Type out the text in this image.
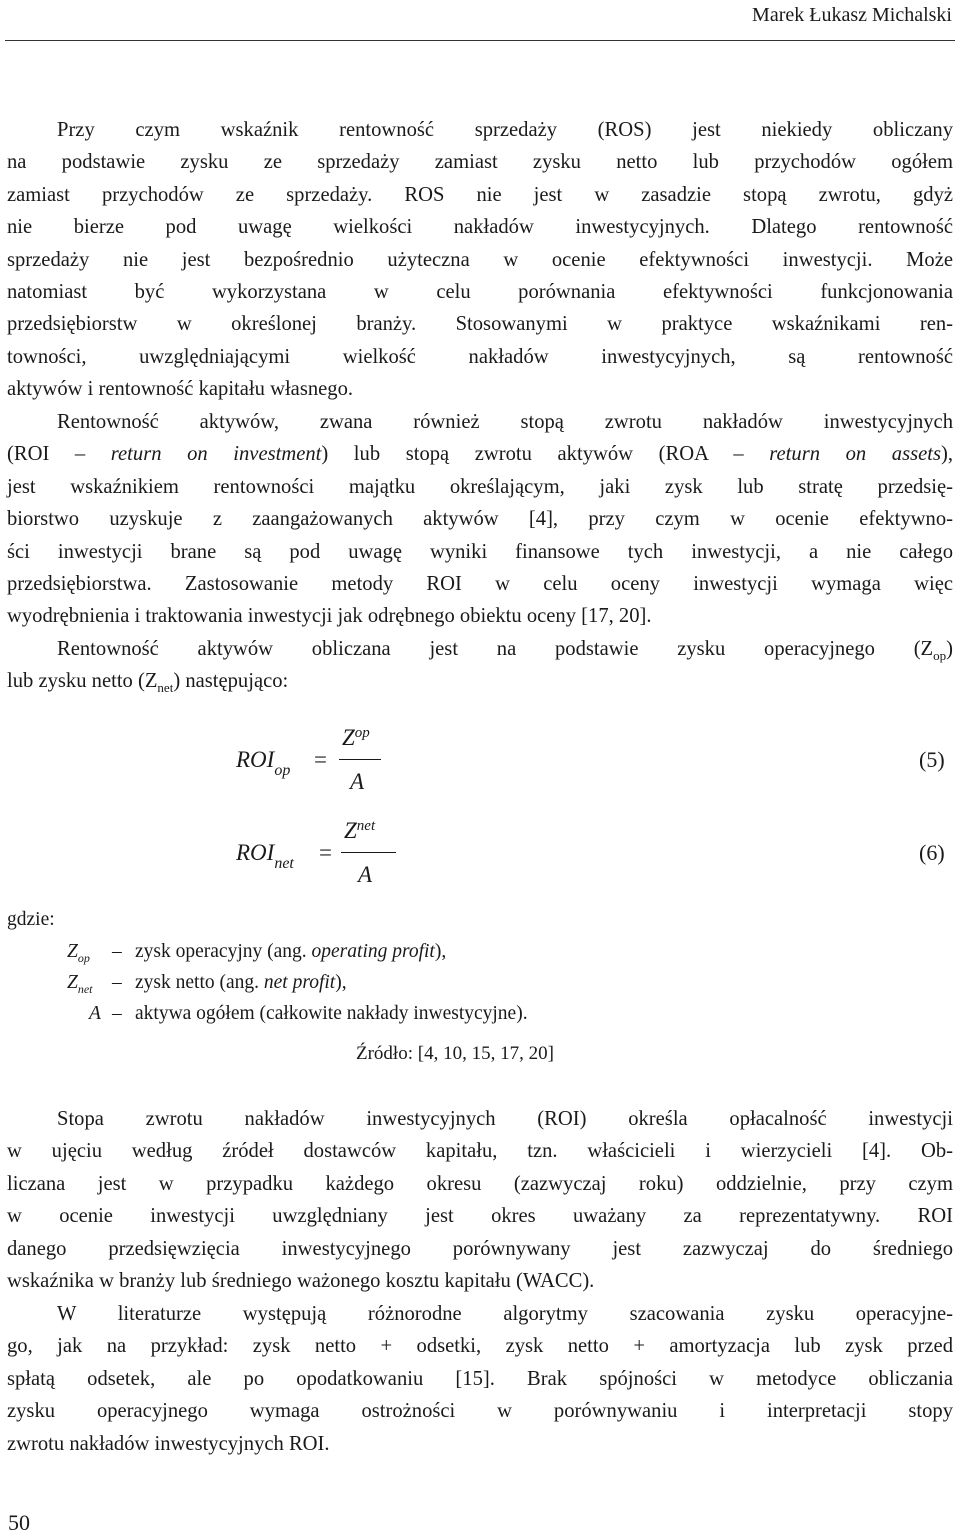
Marek Łukasz Michalski
Przy czym wskaźnik rentowność sprzedaży (ROS) jest niekiedy obliczany
na podstawie zysku ze sprzedaży zamiast zysku netto lub przychodów ogółem
zamiast przychodów ze sprzedaży. ROS nie jest w zasadzie stopą zwrotu, gdyż
nie bierze pod uwagę wielkości nakładów inwestycyjnych. Dlatego rentowność
sprzedaży nie jest bezpośrednio użyteczna w ocenie efektywności inwestycji. Może
natomiast być wykorzystana w celu porównania efektywności funkcjonowania
przedsiębiorstw w określonej branży. Stosowanymi w praktyce wskaźnikami ren-
towności, uwzględniającymi wielkość nakładów inwestycyjnych, są rentowność
aktywów i rentowność kapitału własnego.
Rentowność aktywów, zwana również stopą zwrotu nakładów inwestycyjnych
(ROI – return on investment) lub stopą zwrotu aktywów (ROA – return on assets),
jest wskaźnikiem rentowności majątku określającym, jaki zysk lub stratę przedsię-
biorstwo uzyskuje z zaangażowanych aktywów [4], przy czym w ocenie efektywno-
ści inwestycji brane są pod uwagę wyniki finansowe tych inwestycji, a nie całego
przedsiębiorstwa. Zastosowanie metody ROI w celu oceny inwestycji wymaga więc
wyodrębnienia i traktowania inwestycji jak odrębnego obiektu oceny [17, 20].
Rentowność aktywów obliczana jest na podstawie zysku operacyjnego $(Z_{op})$
lub zysku netto $(Z_{net})$ następująco:
$ROI_{op}$ =
$Z^{op}$
A
(5)
$ROI_{net}$ =
$Z^{net}$
A
(6)
gdzie:
$Z_{op}$	– zysk operacyjny (ang. operating profit),
$Z_{net}$ – zysk netto (ang. net profit),
A – aktywa ogółem (całkowite nakłady inwestycyjne).
Źródło: [4, 10, 15, 17, 20]
Stopa zwrotu nakładów inwestycyjnych (ROI) określa opłacalność inwestycji
w ujęciu według źródeł dostawców kapitału, tzn. właścicieli i wierzycieli [4]. Ob-
liczana jest w przypadku każdego okresu (zazwyczaj roku) oddzielnie, przy czym
w ocenie inwestycji uwzględniany jest okres uważany za reprezentatywny. ROI
danego przedsięwzięcia inwestycyjnego porównywany jest zazwyczaj do średniego
wskaźnika w branży lub średniego ważonego kosztu kapitału (WACC).
W literaturze występują różnorodne algorytmy szacowania zysku operacyjne-
go, jak na przykład: zysk netto + odsetki, zysk netto + amortyzacja lub zysk przed
spłatą odsetek, ale po opodatkowaniu [15]. Brak spójności w metodyce obliczania
zysku operacyjnego wymaga ostrożności w porównywaniu i interpretacji stopy
zwrotu nakładów inwestycyjnych ROI.
50
